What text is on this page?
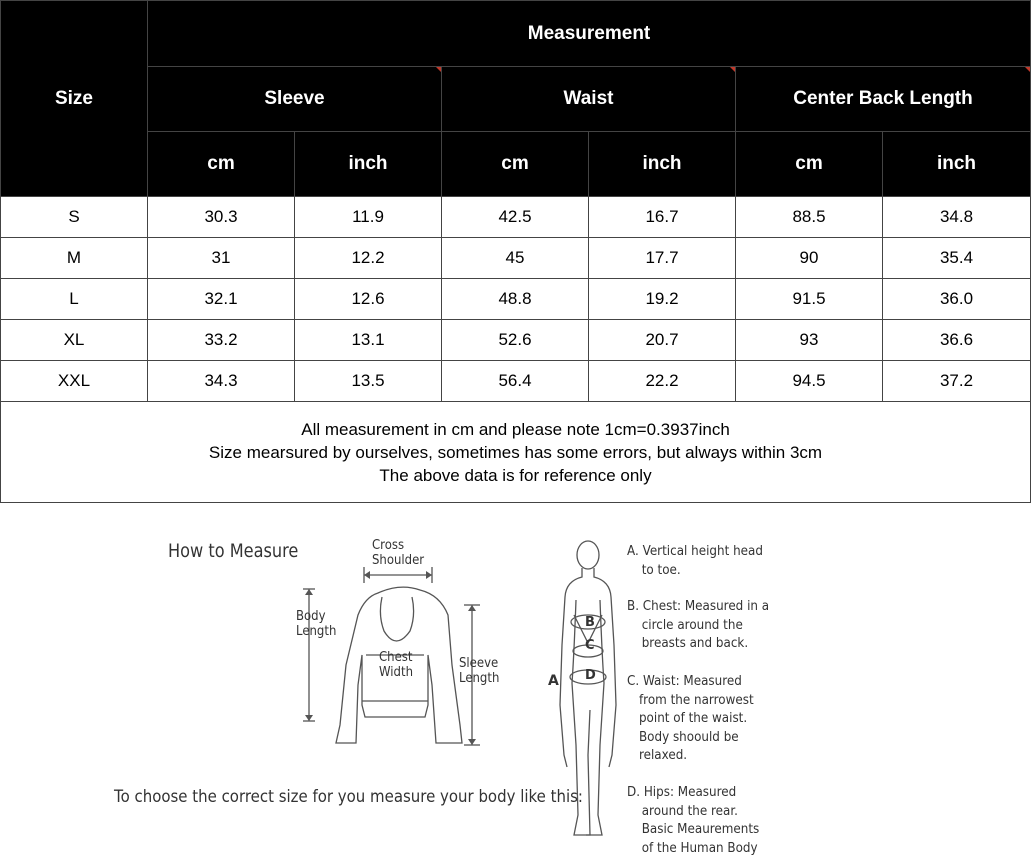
Size	Measurement					
	Sleeve		Waist		Center Back Length	
	cm	inch	cm	inch	cm	inch
S	30.3	11.9	42.5	16.7	88.5	34.8
M	31	12.2	45	17.7	90	35.4
L	32.1	12.6	48.8	19.2	91.5	36.0
XL	33.2	13.1	52.6	20.7	93	36.6
XXL	34.3	13.5	56.4	22.2	94.5	37.2

All measurement in cm and please note 1cm=0.3937inch
Size mearsured by ourselves, sometimes has some errors, but always within 3cm
The above data is for reference only						
How to Measure	Cross
Shoulder
Body
Length
Chest
Width
Sleeve
Length
To choose the correct size for you measure your body like this:
A
B
C
D
A. Vertical height head
to toe.
B. Chest: Measured in a
circle around the
breasts and back.
C. Waist: Measured
from the narrowest
point of the waist.
Body shoould be
relaxed.
D. Hips: Measured
around the rear.
Basic Meaurements
of the Human Body
